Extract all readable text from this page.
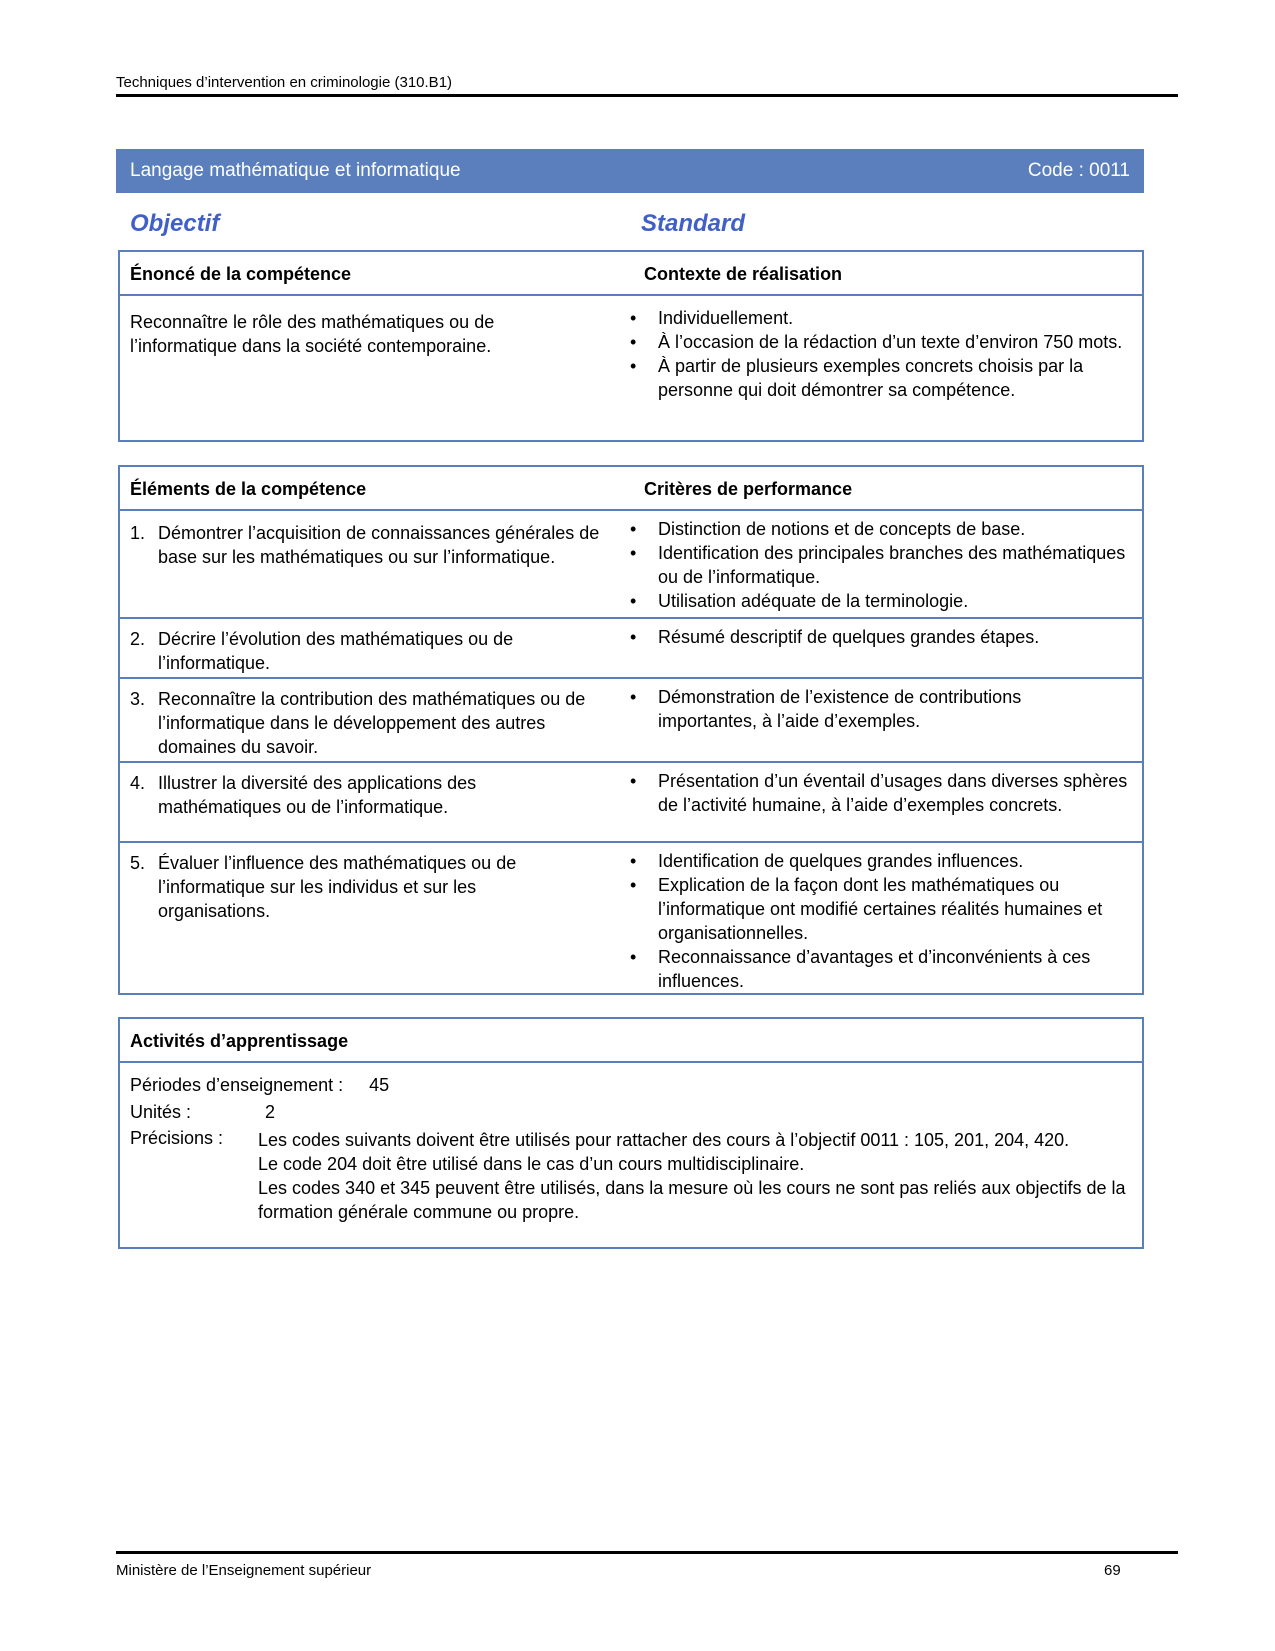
Techniques d’intervention en criminologie (310.B1)
Langage mathématique et informatique	Code : 0011
Objectif	Standard
Énoncé de la compétence	Contexte de réalisation
Reconnaître le rôle des mathématiques ou de
l’informatique dans la société contemporaine.
• Individuellement.
• À l’occasion de la rédaction d’un texte d’environ 750 mots.
• À partir de plusieurs exemples concrets choisis par la personne qui doit démontrer sa compétence.
Éléments de la compétence	Critères de performance
1. Démontrer l’acquisition de connaissances générales de base sur les mathématiques ou sur l’informatique.
• Distinction de notions et de concepts de base.
• Identification des principales branches des mathématiques ou de l’informatique.
• Utilisation adéquate de la terminologie.
2. Décrire l’évolution des mathématiques ou de l’informatique.
• Résumé descriptif de quelques grandes étapes.
3. Reconnaître la contribution des mathématiques ou de l’informatique dans le développement des autres domaines du savoir.
• Démonstration de l’existence de contributions importantes, à l’aide d’exemples.
4. Illustrer la diversité des applications des mathématiques ou de l’informatique.
• Présentation d’un éventail d’usages dans diverses sphères de l’activité humaine, à l’aide d’exemples concrets.
5. Évaluer l’influence des mathématiques ou de l’informatique sur les individus et sur les organisations.
• Identification de quelques grandes influences.
• Explication de la façon dont les mathématiques ou l’informatique ont modifié certaines réalités humaines et organisationnelles.
• Reconnaissance d’avantages et d’inconvénients à ces influences.
Activités d’apprentissage
Périodes d’enseignement : 45
Unités :	2
Précisions : Les codes suivants doivent être utilisés pour rattacher des cours à l’objectif 0011 : 105, 201, 204, 420.
Le code 204 doit être utilisé dans le cas d’un cours multidisciplinaire.
Les codes 340 et 345 peuvent être utilisés, dans la mesure où les cours ne sont pas reliés aux objectifs de la formation générale commune ou propre.
Ministère de l’Enseignement supérieur	69
